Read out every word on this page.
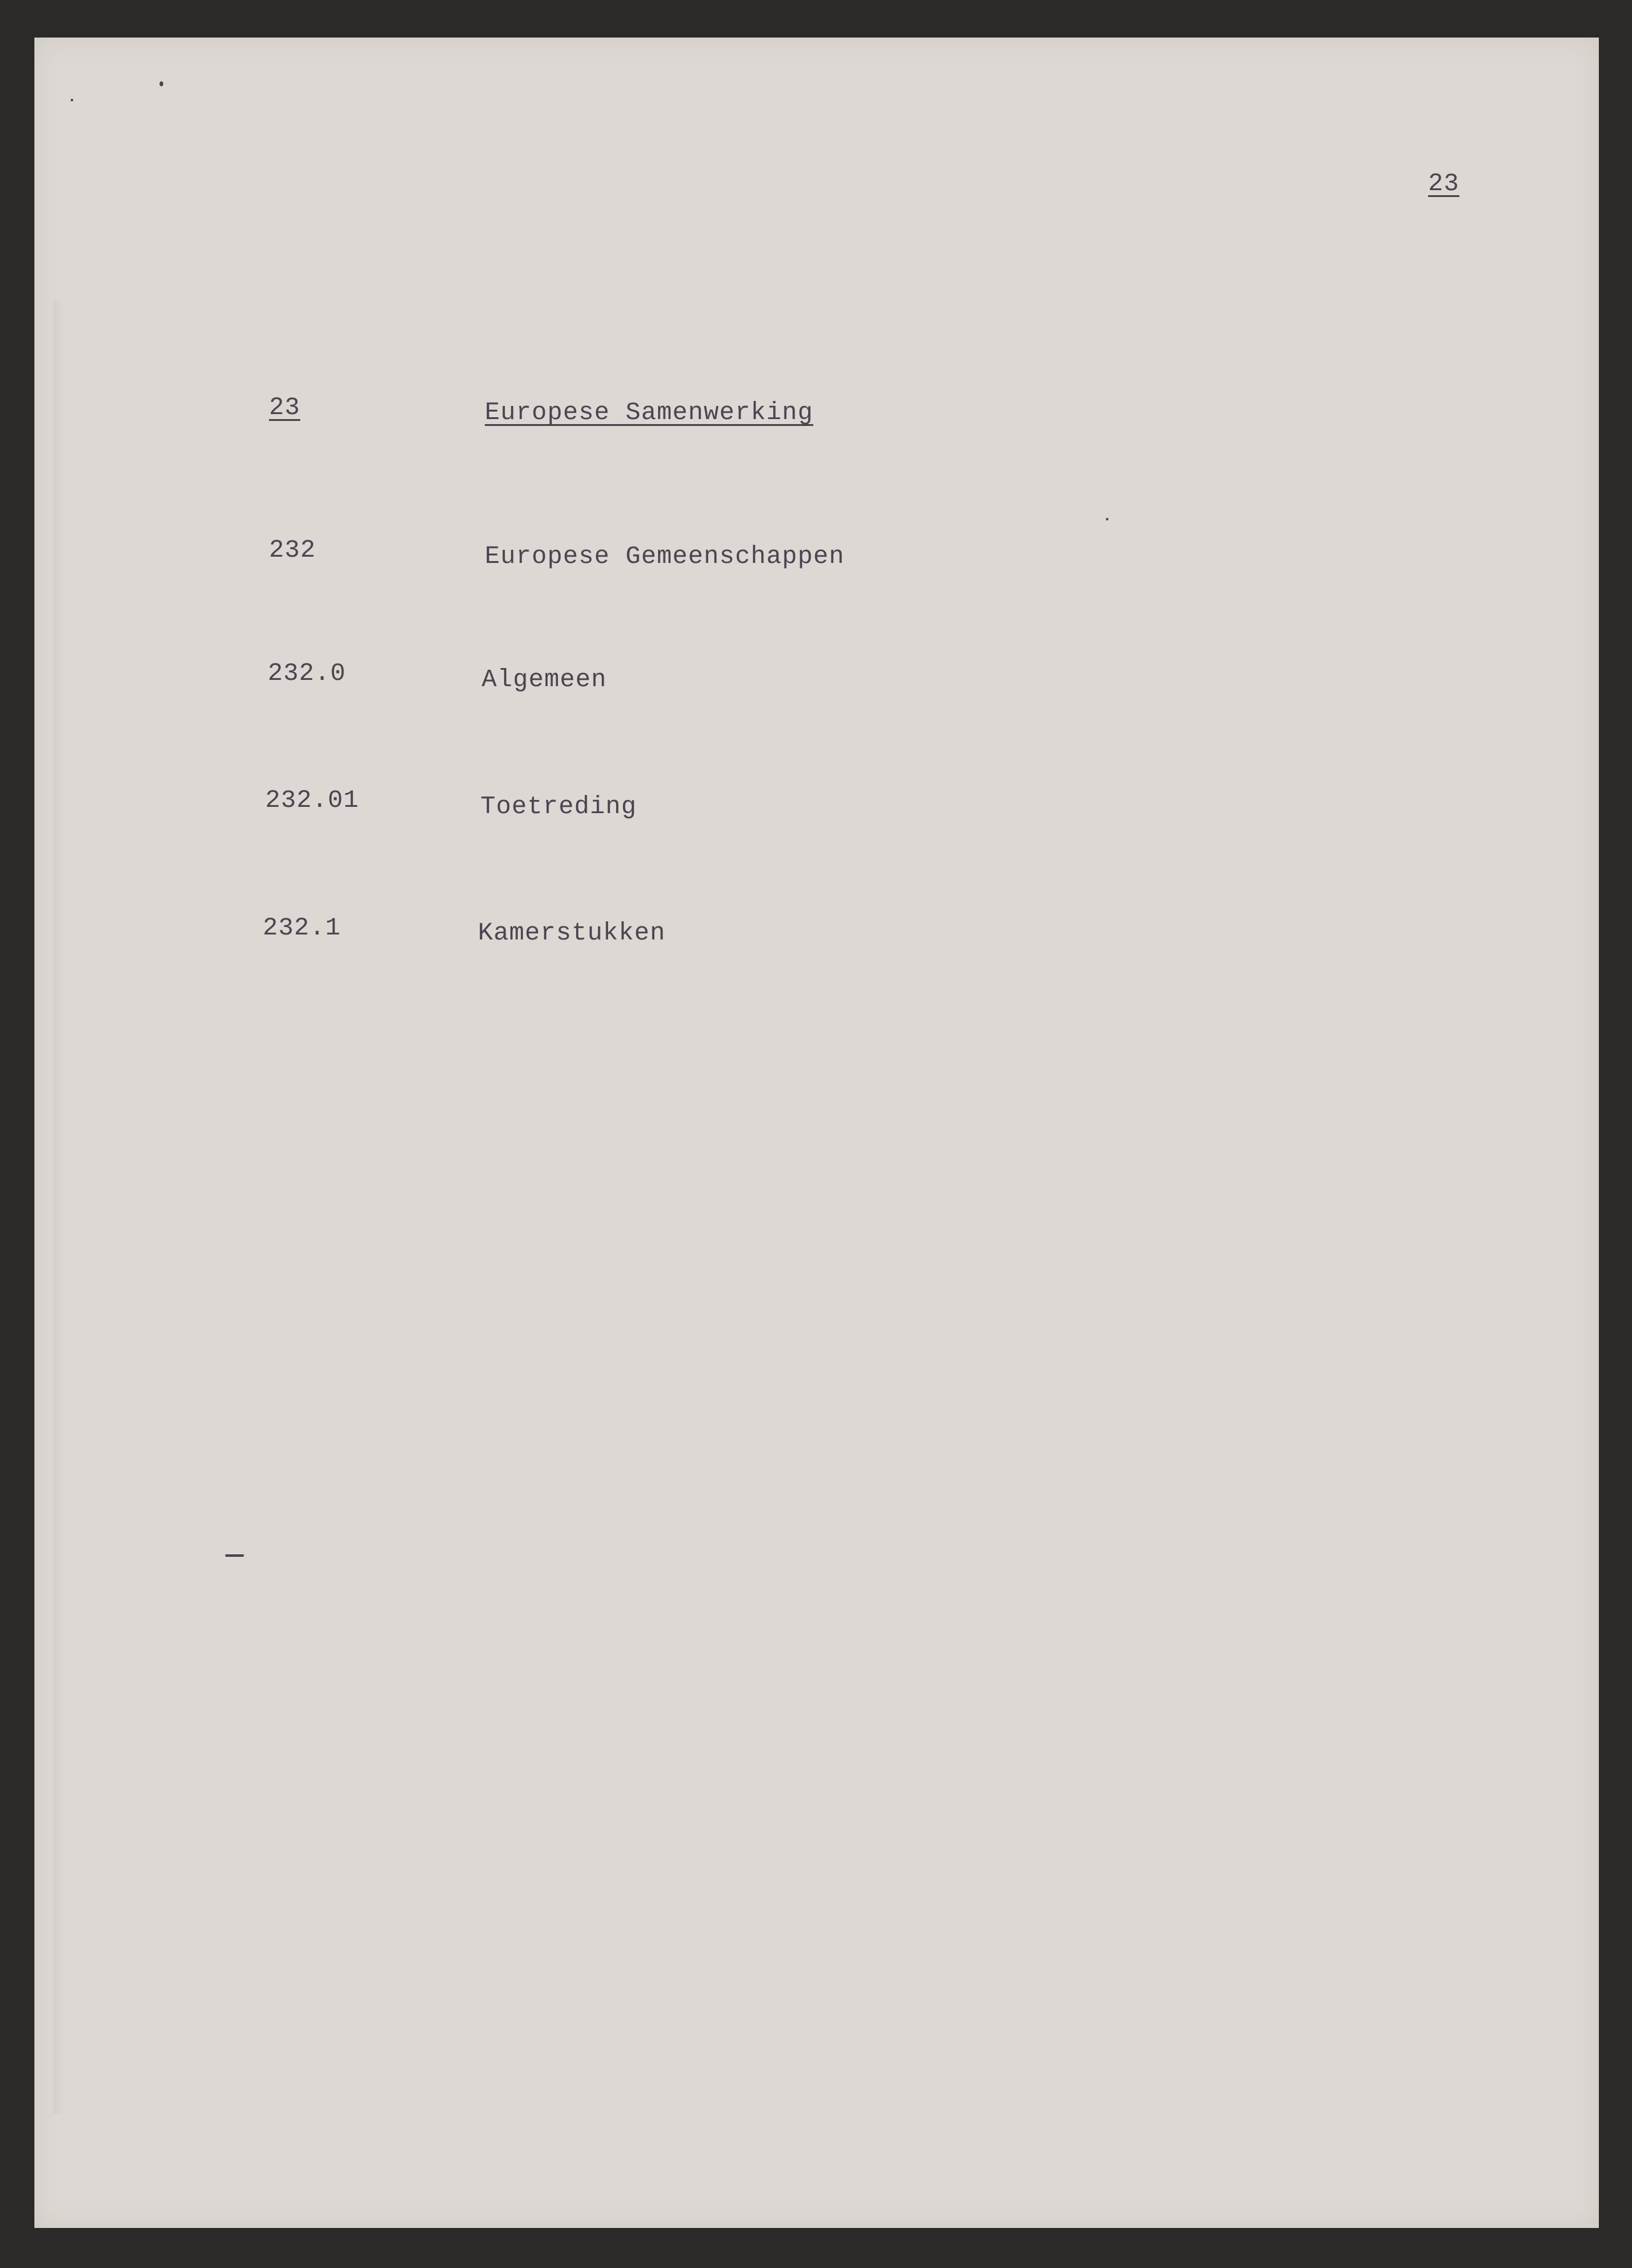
23
23	Europese Samenwerking
232	Europese Gemeenschappen
232.0	Algemeen
232.01	Toetreding
232.1	Kamerstukken
